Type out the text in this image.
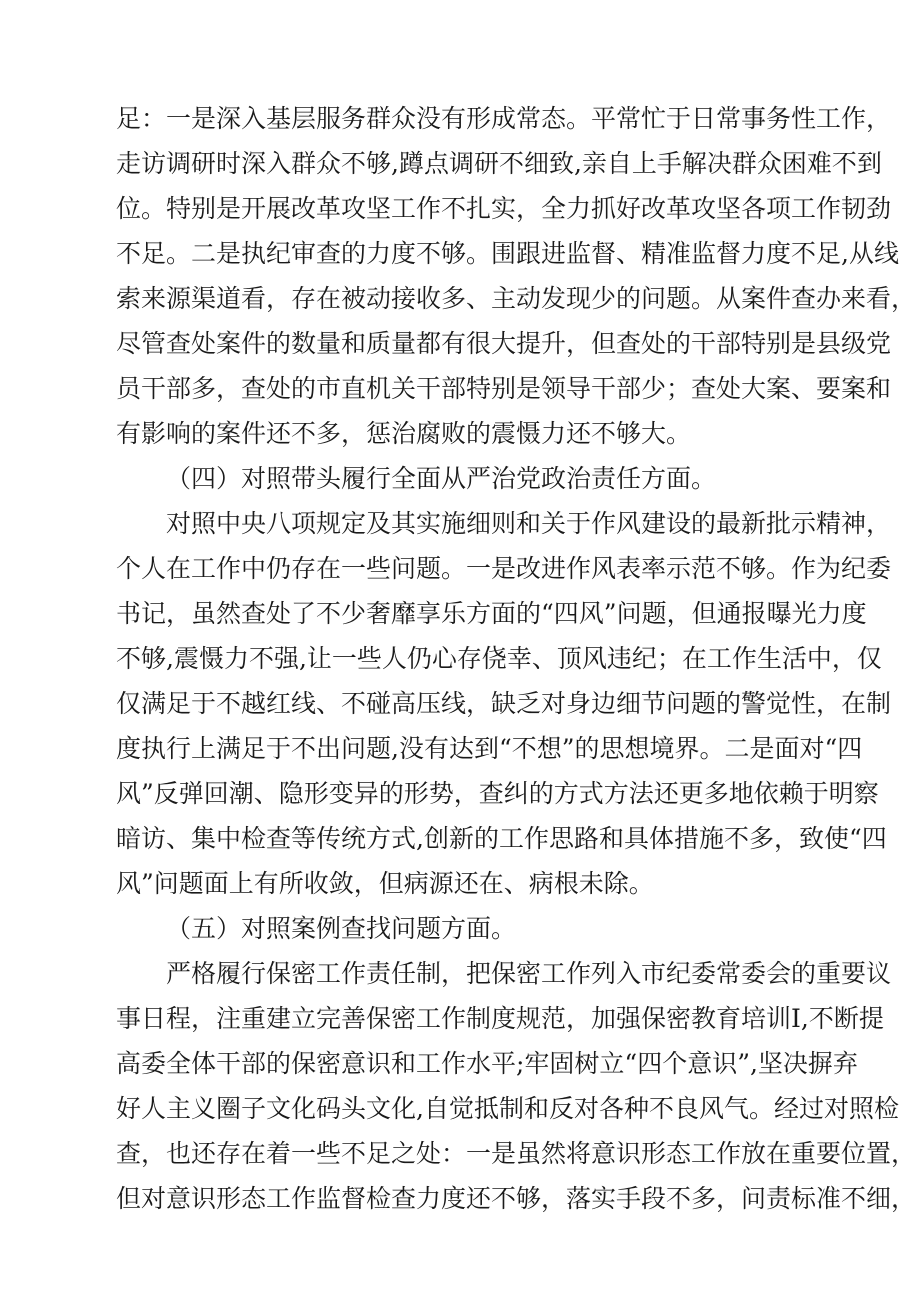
足：一是深入基层服务群众没有形成常态。平常忙于日常事务性工作，
走访调研时深入群众不够,蹲点调研不细致,亲自上手解决群众困难不到
位。特别是开展改革攻坚工作不扎实，全力抓好改革攻坚各项工作韧劲
不足。二是执纪审查的力度不够。围跟进监督、精准监督力度不足,从线
索来源渠道看，存在被动接收多、主动发现少的问题。从案件查办来看，
尽管查处案件的数量和质量都有很大提升，但查处的干部特别是县级党
员干部多，查处的市直机关干部特别是领导干部少；查处大案、要案和
有影响的案件还不多，惩治腐败的震慑力还不够大。
（四）对照带头履行全面从严治党政治责任方面。
对照中央八项规定及其实施细则和关于作风建设的最新批示精神，
个人在工作中仍存在一些问题。一是改进作风表率示范不够。作为纪委
书记，虽然查处了不少奢靡享乐方面的“四风”问题，但通报曝光力度
不够,震慑力不强,让一些人仍心存侥幸、顶风违纪；在工作生活中，仅
仅满足于不越红线、不碰高压线，缺乏对身边细节问题的警觉性，在制
度执行上满足于不出问题,没有达到“不想”的思想境界。二是面对“四
风”反弹回潮、隐形变异的形势，查纠的方式方法还更多地依赖于明察
暗访、集中检查等传统方式,创新的工作思路和具体措施不多，致使“四
风”问题面上有所收敛，但病源还在、病根未除。
（五）对照案例查找问题方面。
严格履行保密工作责任制，把保密工作列入市纪委常委会的重要议
事日程，注重建立完善保密工作制度规范，加强保密教育培训I,不断提
高委全体干部的保密意识和工作水平;牢固树立“四个意识”,坚决摒弃
好人主义圈子文化码头文化,自觉抵制和反对各种不良风气。经过对照检
查，也还存在着一些不足之处：一是虽然将意识形态工作放在重要位置，
但对意识形态工作监督检查力度还不够，落实手段不多，问责标准不细，
